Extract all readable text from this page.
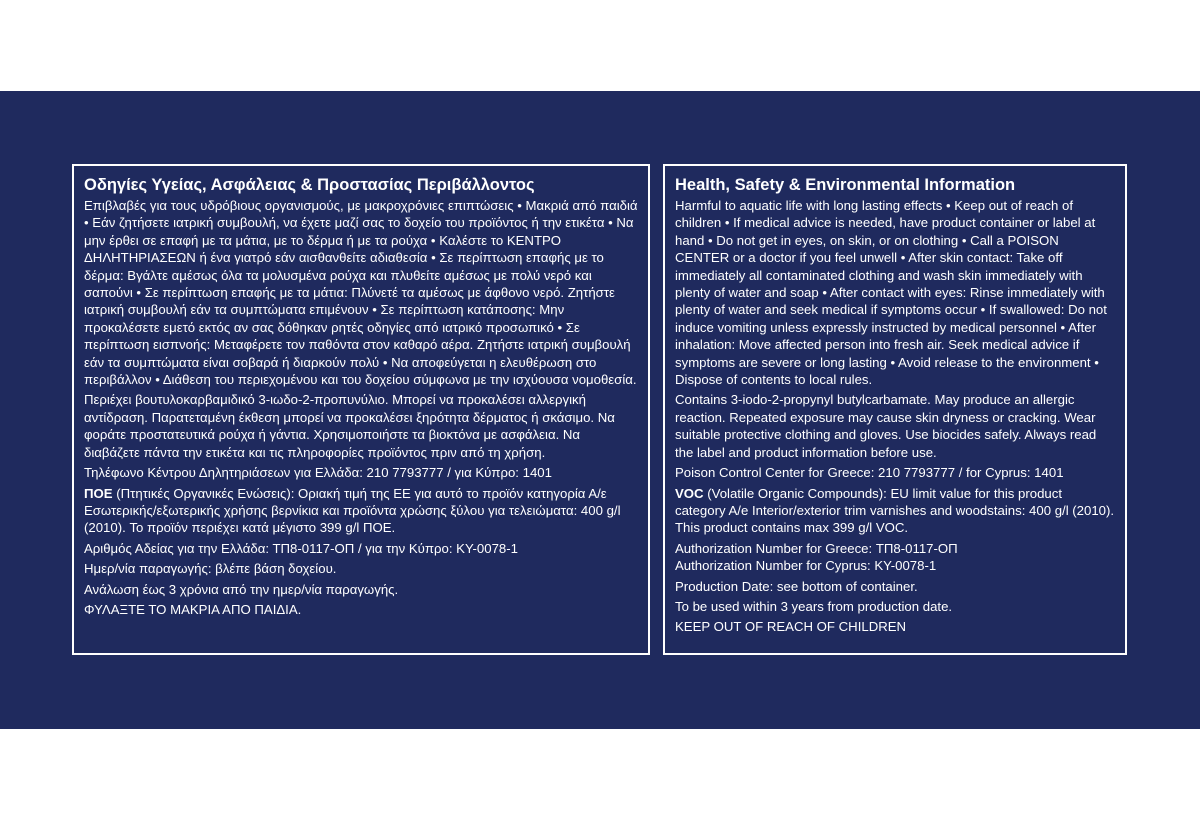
Οδηγίες Υγείας, Ασφάλειας & Προστασίας Περιβάλλοντος

Επιβλαβές για τους υδρόβιους οργανισμούς, με μακροχρόνιες επιπτώσεις • Μακριά από παιδιά • Εάν ζητήσετε ιατρική συμβουλή, να έχετε μαζί σας το δοχείο του προϊόντος ή την ετικέτα • Να μην έρθει σε επαφή με τα μάτια, με το δέρμα ή με τα ρούχα • Καλέστε το ΚΕΝΤΡΟ ΔΗΛΗΤΗΡΙΑΣΕΩΝ ή ένα γιατρό εάν αισθανθείτε αδιαθεσία • Σε περίπτωση επαφής με το δέρμα: Βγάλτε αμέσως όλα τα μολυσμένα ρούχα και πλυθείτε αμέσως με πολύ νερό και σαπούνι • Σε περίπτωση επαφής με τα μάτια: Πλύνετέ τα αμέσως με άφθονο νερό. Ζητήστε ιατρική συμβουλή εάν τα συμπτώματα επιμένουν • Σε περίπτωση κατάποσης: Μην προκαλέσετε εμετό εκτός αν σας δόθηκαν ρητές οδηγίες από ιατρικό προσωπικό • Σε περίπτωση εισπνοής: Μεταφέρετε τον παθόντα στον καθαρό αέρα. Ζητήστε ιατρική συμβουλή εάν τα συμπτώματα είναι σοβαρά ή διαρκούν πολύ • Να αποφεύγεται η ελευθέρωση στο περιβάλλον • Διάθεση του περιεχομένου και του δοχείου σύμφωνα με την ισχύουσα νομοθεσία.

Περιέχει βουτυλοκαρβαμιδικό 3-ιωδο-2-προπυνύλιο. Μπορεί να προκαλέσει αλλεργική αντίδραση. Παρατεταμένη έκθεση μπορεί να προκαλέσει ξηρότητα δέρματος ή σκάσιμο. Να φοράτε προστατευτικά ρούχα ή γάντια. Χρησιμοποιήστε τα βιοκτόνα με ασφάλεια. Να διαβάζετε πάντα την ετικέτα και τις πληροφορίες προϊόντος πριν από τη χρήση.

Τηλέφωνο Κέντρου Δηλητηριάσεων για Ελλάδα: 210 7793777 / για Κύπρο: 1401

ΠΟΕ (Πτητικές Οργανικές Ενώσεις): Οριακή τιμή της ΕΕ για αυτό το προϊόν κατηγορία Α/ε Εσωτερικής/εξωτερικής χρήσης βερνίκια και προϊόντα χρώσης ξύλου για τελειώματα: 400 g/l (2010). Το προϊόν περιέχει κατά μέγιστο 399 g/l ΠΟΕ.

Αριθμός Αδείας για την Ελλάδα: ΤΠ8-0117-ΟΠ / για την Κύπρο: KY-0078-1

Ημερ/νία παραγωγής: βλέπε βάση δοχείου.

Ανάλωση έως 3 χρόνια από την ημερ/νία παραγωγής.

ΦΥΛΑΞΤΕ ΤΟ ΜΑΚΡΙΑ ΑΠΟ ΠΑΙΔΙΑ.

Health, Safety & Environmental Information

Harmful to aquatic life with long lasting effects • Keep out of reach of children • If medical advice is needed, have product container or label at hand • Do not get in eyes, on skin, or on clothing • Call a POISON CENTER or a doctor if you feel unwell • After skin contact: Take off immediately all contaminated clothing and wash skin immediately with plenty of water and soap • After contact with eyes: Rinse immediately with plenty of water and seek medical if symptoms occur • If swallowed: Do not induce vomiting unless expressly instructed by medical personnel • After inhalation: Move affected person into fresh air. Seek medical advice if symptoms are severe or long lasting • Avoid release to the environment • Dispose of contents to local rules.

Contains 3-iodo-2-propynyl butylcarbamate. May produce an allergic reaction. Repeated exposure may cause skin dryness or cracking. Wear suitable protective clothing and gloves. Use biocides safely. Always read the label and product information before use.

Poison Control Center for Greece: 210 7793777 / for Cyprus: 1401

VOC (Volatile Organic Compounds): EU limit value for this product category A/e Interior/exterior trim varnishes and woodstains: 400 g/l (2010). This product contains max 399 g/l VOC.

Authorization Number for Greece: ΤΠ8-0117-ΟΠ

Authorization Number for Cyprus: KY-0078-1

Production Date: see bottom of container.

To be used within 3 years from production date.

KEEP OUT OF REACH OF CHILDREN
